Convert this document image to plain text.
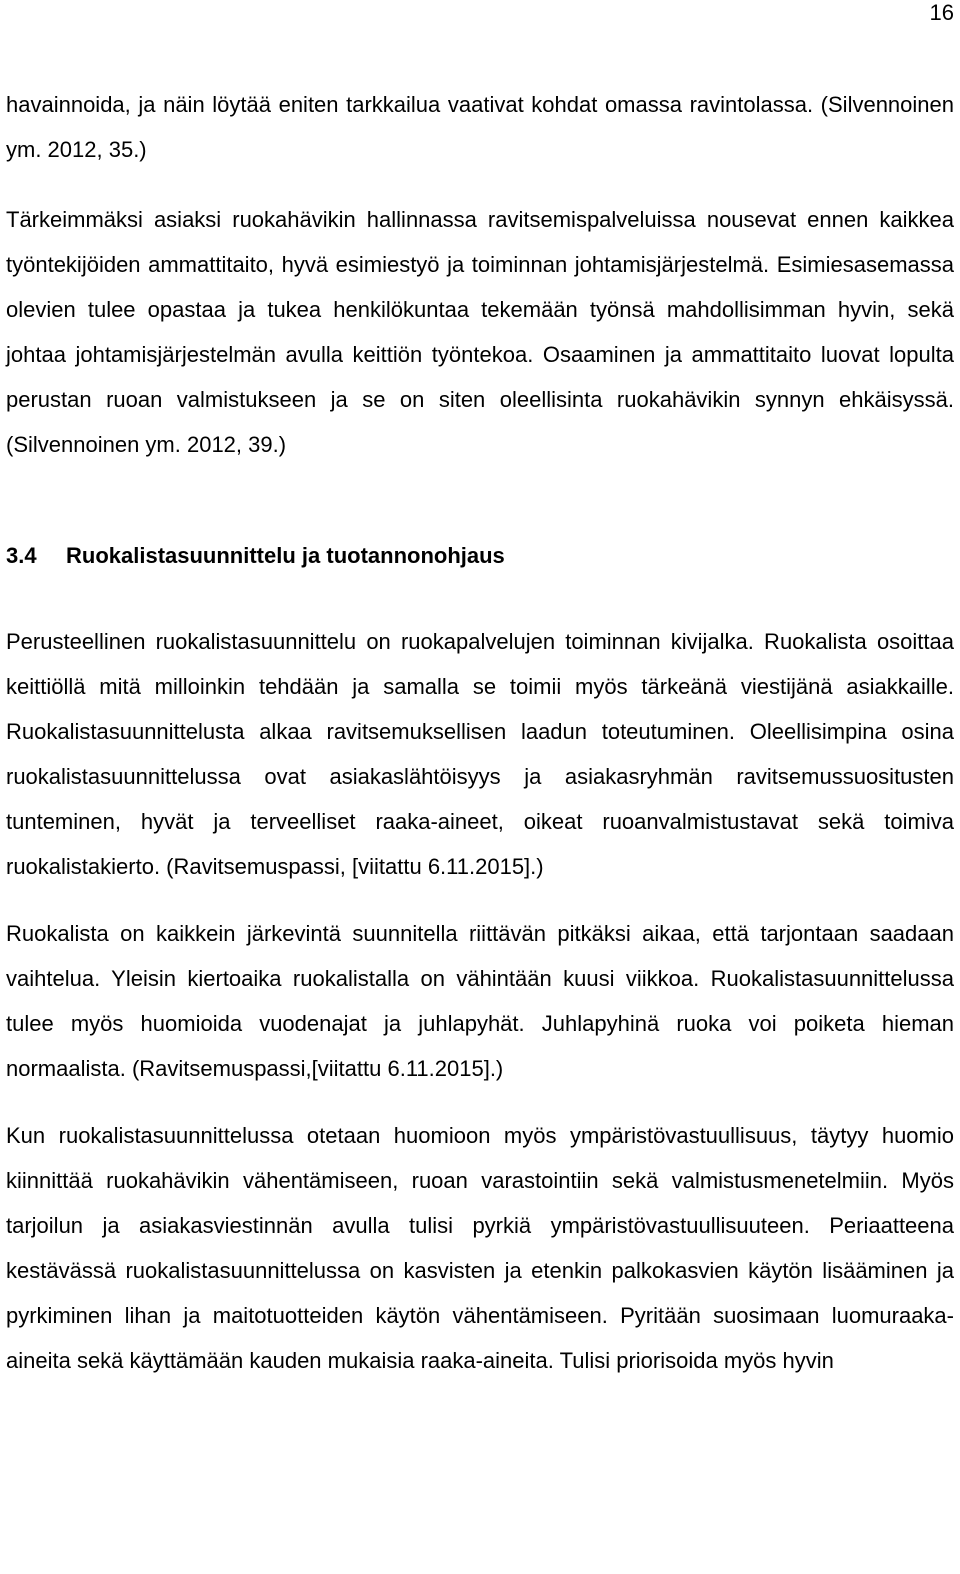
16

havainnoida, ja näin löytää eniten tarkkailua vaativat kohdat omassa ravintolassa. (Silvennoinen ym. 2012, 35.)

Tärkeimmäksi asiaksi ruokahävikin hallinnassa ravitsemispalveluissa nousevat ennen kaikkea työntekijöiden ammattitaito, hyvä esimiestyö ja toiminnan johtamisjärjestelmä. Esimiesasemassa olevien tulee opastaa ja tukea henkilökuntaa tekemään työnsä mahdollisimman hyvin, sekä johtaa johtamisjärjestelmän avulla keittiön työntekoa. Osaaminen ja ammattitaito luovat lopulta perustan ruoan valmistukseen ja se on siten oleellisinta ruokahävikin synnyn ehkäisyssä. (Silvennoinen ym. 2012, 39.)

3.4	Ruokalistasuunnittelu ja tuotannonohjaus

Perusteellinen ruokalistasuunnittelu on ruokapalvelujen toiminnan kivijalka. Ruokalista osoittaa keittiöllä mitä milloinkin tehdään ja samalla se toimii myös tärkeänä viestijänä asiakkaille. Ruokalistasuunnittelusta alkaa ravitsemuksellisen laadun toteutuminen. Oleellisimpina osina ruokalistasuunnittelussa ovat asiakaslähtöisyys ja asiakasryhmän ravitsemussuositusten tunteminen, hyvät ja terveelliset raaka-aineet, oikeat ruoanvalmistustavat sekä toimiva ruokalistakierto. (Ravitsemuspassi, [viitattu 6.11.2015].)

Ruokalista on kaikkein järkevintä suunnitella riittävän pitkäksi aikaa, että tarjontaan saadaan vaihtelua. Yleisin kiertoaika ruokalistalla on vähintään kuusi viikkoa. Ruokalistasuunnittelussa tulee myös huomioida vuodenajat ja juhlapyhät. Juhlapyhinä ruoka voi poiketa hieman normaalista. (Ravitsemuspassi,[viitattu 6.11.2015].)

Kun ruokalistasuunnittelussa otetaan huomioon myös ympäristövastuullisuus, täytyy huomio kiinnittää ruokahävikin vähentämiseen, ruoan varastointiin sekä valmistusmenetelmiin. Myös tarjoilun ja asiakasviestinnän avulla tulisi pyrkiä ympäristövastuullisuuteen. Periaatteena kestävässä ruokalistasuunnittelussa on kasvisten ja etenkin palkokasvien käytön lisääminen ja pyrkiminen lihan ja maitotuotteiden käytön vähentämiseen. Pyritään suosimaan luomuraaka-aineita sekä käyttämään kauden mukaisia raaka-aineita. Tulisi priorisoida myös hyvin
